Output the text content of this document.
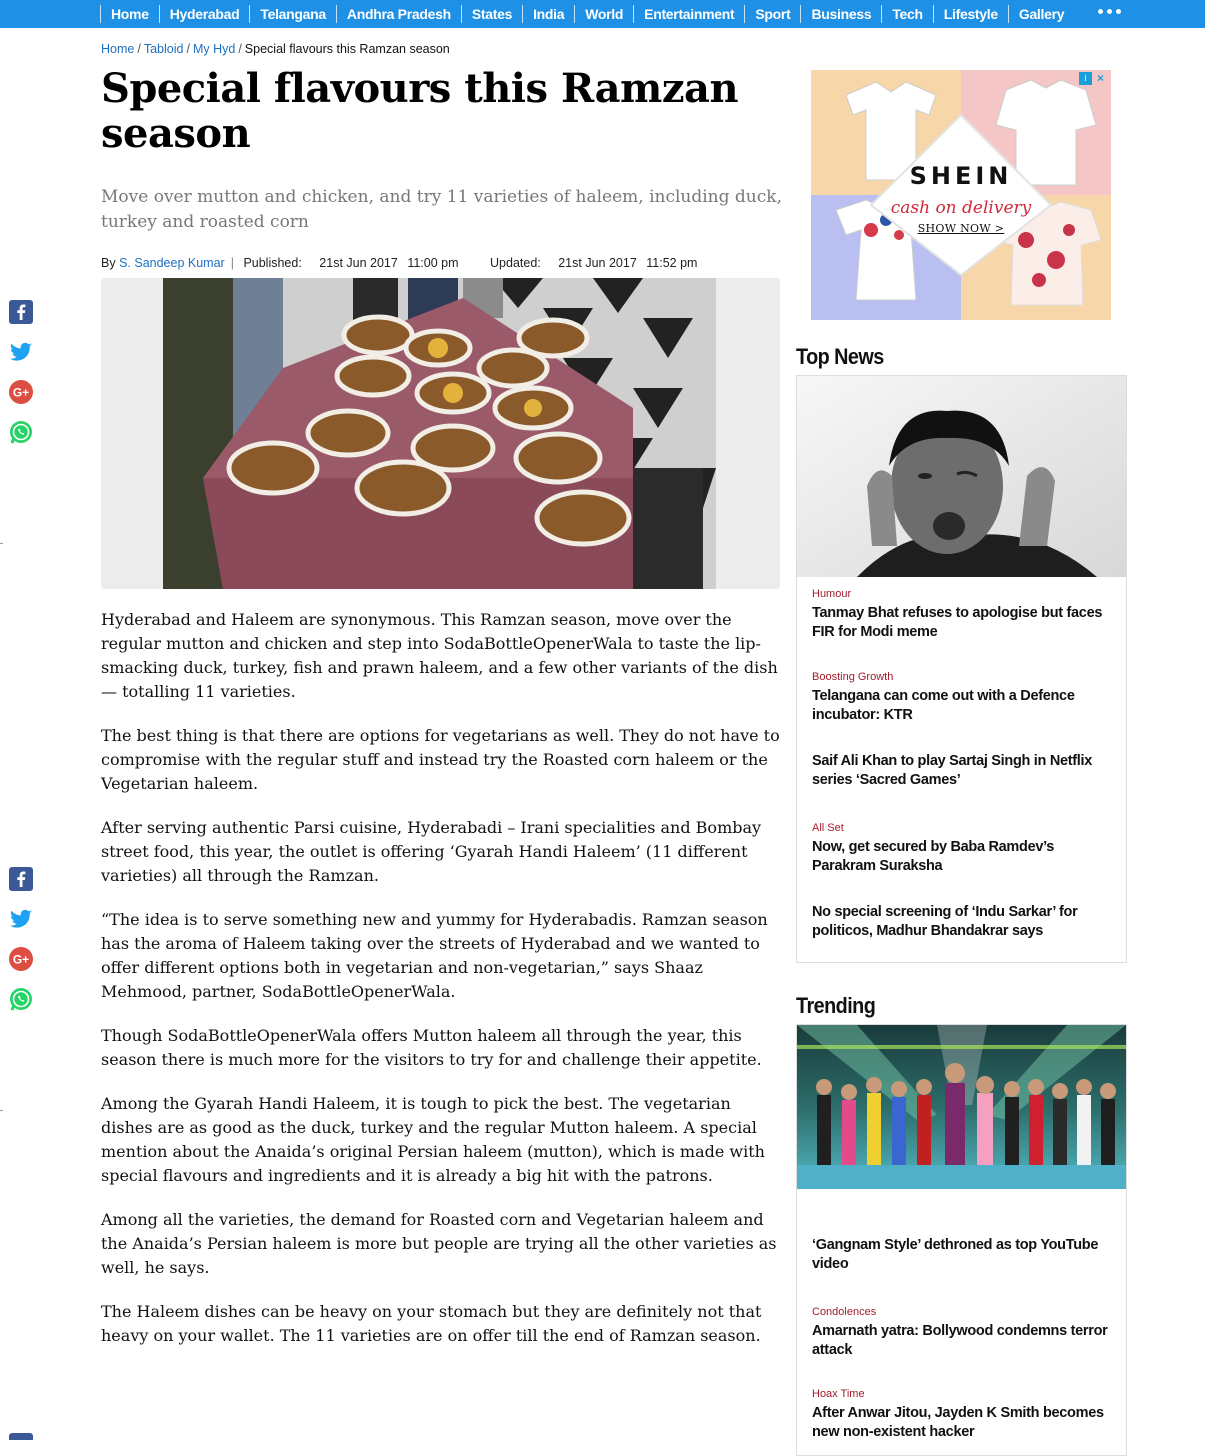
Home	Hyderabad	Telangana	Andhra Pradesh	States	India	World	Entertainment	Sport	Business	Tech	Lifestyle	Gallery
Home / Tabloid / My Hyd / Special flavours this Ramzan season
Special flavours this Ramzan season

Move over mutton and chicken, and try 11 varieties of haleem, including duck, turkey and roasted corn

By S. Sandeep Kumar | Published: 21st Jun 2017 11:00 pm	Updated: 21st Jun 2017 11:52 pm

Hyderabad and Haleem are synonymous. This Ramzan season, move over the regular mutton and chicken and step into SodaBottleOpenerWala to taste the lip-smacking duck, turkey, fish and prawn haleem, and a few other variants of the dish — totalling 11 varieties.

The best thing is that there are options for vegetarians as well. They do not have to compromise with the regular stuff and instead try the Roasted corn haleem or the Vegetarian haleem.

After serving authentic Parsi cuisine, Hyderabadi – Irani specialities and Bombay street food, this year, the outlet is offering ‘Gyarah Handi Haleem’ (11 different varieties) all through the Ramzan.

“The idea is to serve something new and yummy for Hyderabadis. Ramzan season has the aroma of Haleem taking over the streets of Hyderabad and we wanted to offer different options both in vegetarian and non-vegetarian,” says Shaaz Mehmood, partner, SodaBottleOpenerWala.

Though SodaBottleOpenerWala offers Mutton haleem all through the year, this season there is much more for the visitors to try for and challenge their appetite.

Among the Gyarah Handi Haleem, it is tough to pick the best. The vegetarian dishes are as good as the duck, turkey and the regular Mutton haleem. A special mention about the Anaida’s original Persian haleem (mutton), which is made with special flavours and ingredients and it is already a big hit with the patrons.

Among all the varieties, the demand for Roasted corn and Vegetarian haleem and the Anaida’s Persian haleem is more but people are trying all the other varieties as well, he says.

The Haleem dishes can be heavy on your stomach but they are definitely not that heavy on your wallet. The 11 varieties are on offer till the end of Ramzan season.

G+
G+
SHEIN
cash on delivery
SHOW NOW >
i ×
Top News
Humour
Tanmay Bhat refuses to apologise but faces FIR for Modi meme
Boosting Growth
Telangana can come out with a Defence incubator: KTR
Saif Ali Khan to play Sartaj Singh in Netflix series ‘Sacred Games’
All Set
Now, get secured by Baba Ramdev’s Parakram Suraksha
No special screening of ‘Indu Sarkar’ for politicos, Madhur Bhandakrar says
Trending
‘Gangnam Style’ dethroned as top YouTube video
Condolences
Amarnath yatra: Bollywood condemns terror attack
Hoax Time
After Anwar Jitou, Jayden K Smith becomes new non-existent hacker
